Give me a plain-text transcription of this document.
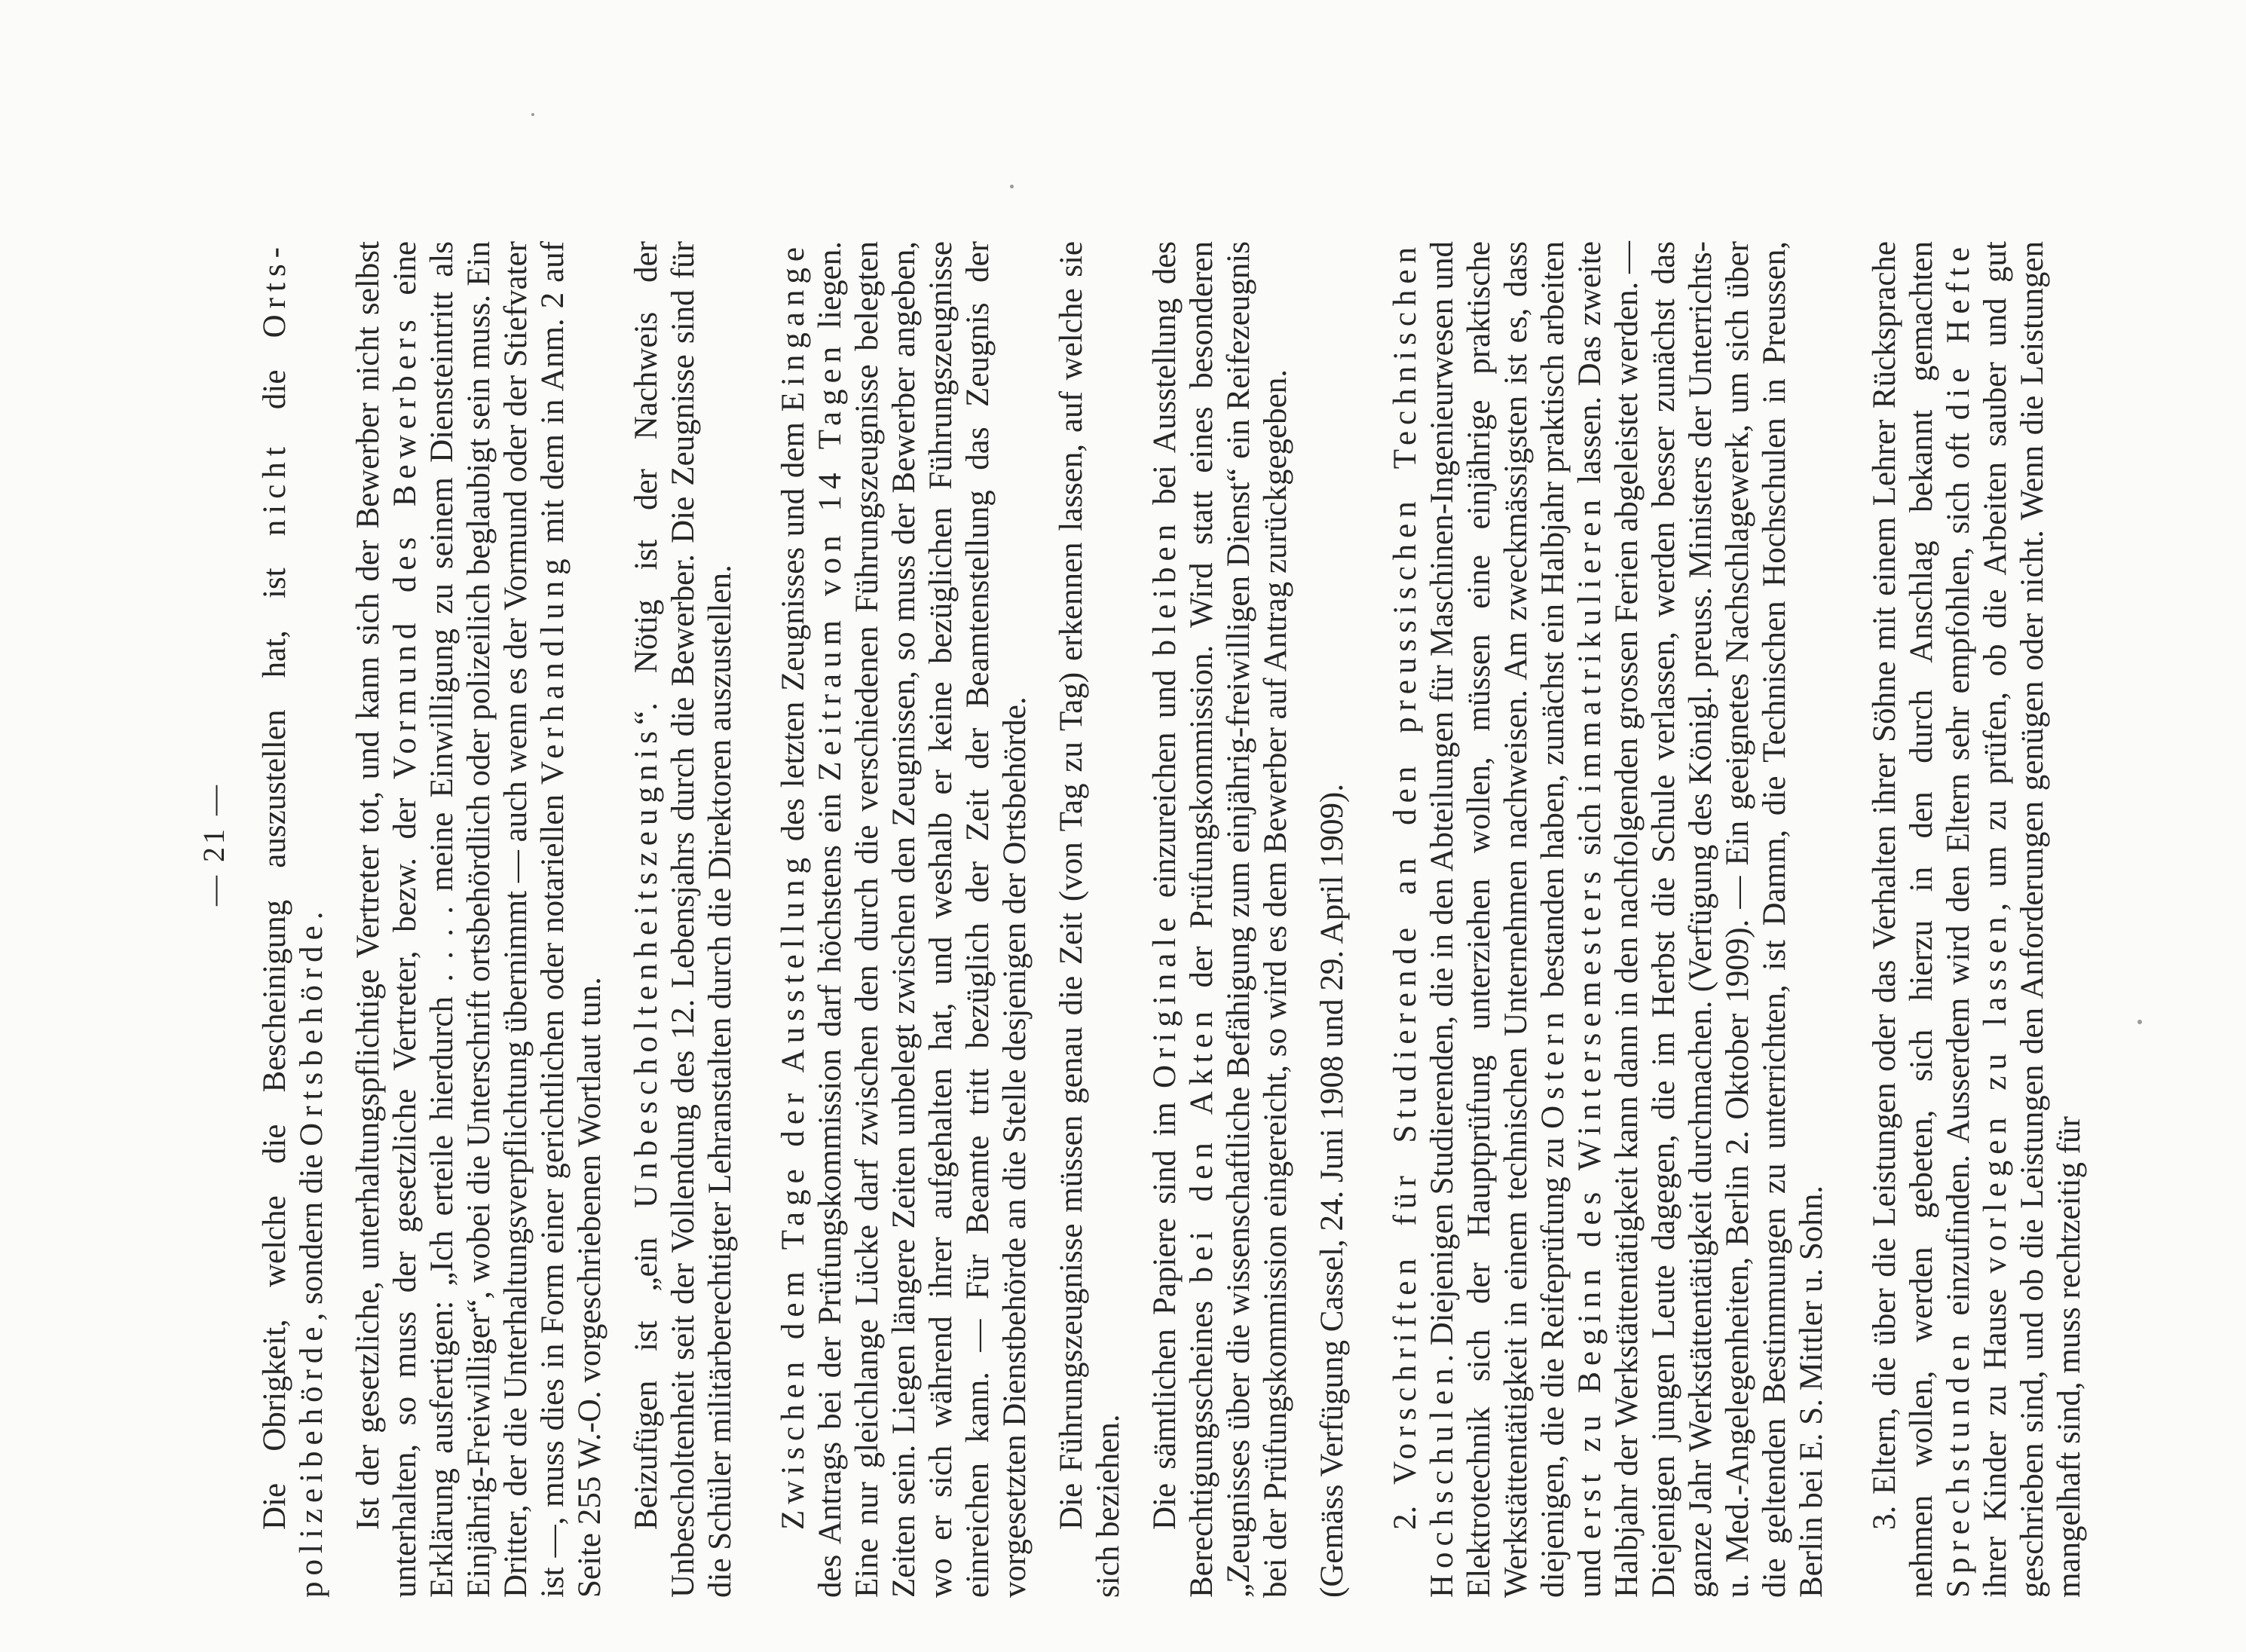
— 21 — Die Obrigkeit, welche die Bescheinigung auszustellen hat, ist nicht die Orts-polizeibehörde, sondern die Ortsbehörde. Ist der gesetzliche, unterhaltungspflichtige Vertreter tot, und kann sich der Bewerber nicht selbst unterhalten, so muss der gesetzliche Vertreter, bezw. der Vormund des Bewerbers eine Erklärung ausfertigen: „Ich erteile hierdurch . . . . meine Einwilligung zu seinem Diensteintritt als Einjährig-Freiwilliger“, wobei die Unterschrift ortsbehördlich oder polizeilich beglaubigt sein muss. Ein Dritter, der die Unterhaltungsverpflichtung übernimmt — auch wenn es der Vormund oder der Stiefvater ist —, muss dies in Form einer gerichtlichen oder notariellen Verhandlung mit dem in Anm. 2 auf Seite 255 W.-O. vorgeschriebenen Wortlaut tun. Beizufügen ist „ein Unbescholtenheitszeugnis“. Nötig ist der Nachweis der Unbescholtenheit seit der Vollendung des 12. Lebensjahrs durch die Bewerber. Die Zeugnisse sind für die Schüler militärberechtigter Lehranstalten durch die Direktoren auszustellen. Zwischen dem Tage der Ausstellung des letzten Zeugnisses und dem Eingange des Antrags bei der Prüfungskommission darf höchstens ein Zeitraum von 14 Tagen liegen. Eine nur gleichlange Lücke darf zwischen den durch die verschiedenen Führungszeugnisse belegten Zeiten sein. Liegen längere Zeiten unbelegt zwischen den Zeugnissen, so muss der Bewerber angeben, wo er sich während ihrer aufgehalten hat, und weshalb er keine bezüglichen Führungszeugnisse einreichen kann. — Für Beamte tritt bezüglich der Zeit der Beamtenstellung das Zeugnis der vorgesetzten Dienstbehörde an die Stelle desjenigen der Ortsbehörde. Die Führungszeugnisse müssen genau die Zeit (von Tag zu Tag) erkennen lassen, auf welche sie sich beziehen. Die sämtlichen Papiere sind im Originale einzureichen und bleiben bei Ausstellung des Berechtigungsscheines bei den Akten der Prüfungskommission. Wird statt eines besonderen „Zeugnisses über die wissenschaftliche Befähigung zum einjährig-freiwilligen Dienst“ ein Reifezeugnis bei der Prüfungskommission eingereicht, so wird es dem Bewerber auf Antrag zurückgegeben. (Gemäss Verfügung Cassel, 24. Juni 1908 und 29. April 1909). 2. Vorschriften für Studierende an den preussischen Technischen Hochschulen. Diejenigen Studierenden, die in den Abteilungen für Maschinen-Ingenieurwesen und Elektrotechnik sich der Hauptprüfung unterziehen wollen, müssen eine einjährige praktische Werkstättentätigkeit in einem technischen Unternehmen nachweisen. Am zweckmässigsten ist es, dass diejenigen, die die Reifeprüfung zu Ostern bestanden haben, zunächst ein Halbjahr praktisch arbeiten und erst zu Beginn des Wintersemesters sich immatrikulieren lassen. Das zweite Halbjahr der Werkstättentätigkeit kann dann in den nachfolgenden grossen Ferien abgeleistet werden. — Diejenigen jungen Leute dagegen, die im Herbst die Schule verlassen, werden besser zunächst das ganze Jahr Werkstättentätigkeit durchmachen. (Verfügung des Königl. preuss. Ministers der Unterrichts- u. Med.-Angelegenheiten, Berlin 2. Oktober 1909). — Ein geeignetes Nachschlagewerk, um sich über die geltenden Bestimmungen zu unterrichten, ist Damm, die Technischen Hochschulen in Preussen, Berlin bei E. S. Mittler u. Sohn. 3. Eltern, die über die Leistungen oder das Verhalten ihrer Söhne mit einem Lehrer Rücksprache nehmen wollen, werden gebeten, sich hierzu in den durch Anschlag bekannt gemachten Sprechstunden einzufinden. Ausserdem wird den Eltern sehr empfohlen, sich oft die Hefte ihrer Kinder zu Hause vorlegen zu lassen, um zu prüfen, ob die Arbeiten sauber und gut geschrieben sind, und ob die Leistungen den Anforderungen genügen oder nicht. Wenn die Leistungen mangelhaft sind, muss rechtzeitig für
